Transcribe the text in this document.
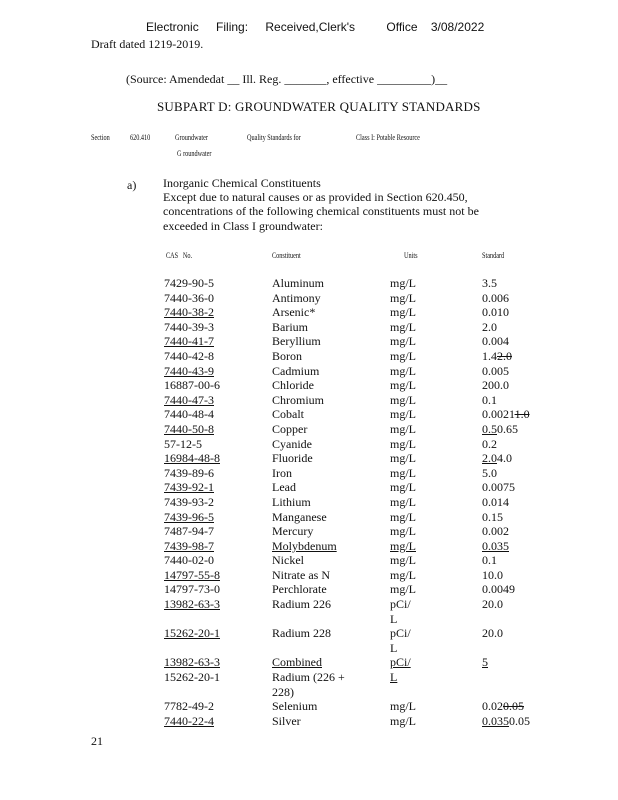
Electronic Filing: Received,Clerk's	Office 3/08/2022
Draft dated 1219-2019.
(Source: Amendedat __ Ill. Reg. _______, effective _________)__
SUBPART D: GROUNDWATER QUALITY STANDARDS
Section	620.410	Groundwater	Quality Standards for	Class I: Potable Resource
G roundwater
a) Inorganic Chemical Constituents
Except due to natural causes or as provided in Section 620.450,
concentrations of the following chemical constituents must not be
exceeded in Class I groundwater:
CAS No.	Constituent	Units	Standard
7429-90-5	Aluminum	mg/L	3.5
7440-36-0	Antimony	mg/L	0.006
7440-38-2	Arsenic*	mg/L	0.010
7440-39-3	Barium	mg/L	2.0
7440-41-7	Beryllium	mg/L	0.004
7440-42-8	Boron	mg/L	1.42.0
7440-43-9	Cadmium	mg/L	0.005
16887-00-6	Chloride	mg/L	200.0
7440-47-3	Chromium	mg/L	0.1
7440-48-4	Cobalt	mg/L	0.00211.0
7440-50-8	Copper	mg/L	0.50.65
57-12-5	Cyanide	mg/L	0.2
16984-48-8	Fluoride	mg/L	2.04.0
7439-89-6	Iron	mg/L	5.0
7439-92-1	Lead	mg/L	0.0075
7439-93-2	Lithium	mg/L	0.014
7439-96-5	Manganese	mg/L	0.15
7487-94-7	Mercury	mg/L	0.002
7439-98-7	Molybdenum	mg/L	0.035
7440-02-0	Nickel	mg/L	0.1
14797-55-8	Nitrate as N	mg/L	10.0
14797-73-0	Perchlorate	mg/L	0.0049
13982-63-3	Radium 226	pCi/ L	20.0
15262-20-1	Radium 228	pCi/ L	20.0
13982-63-3	Combined	pCi/	5
15262-20-1	Radium (226 + 228)	L	
7782-49-2	Selenium	mg/L	0.020.05
7440-22-4	Silver	mg/L	0.0350.05
21
